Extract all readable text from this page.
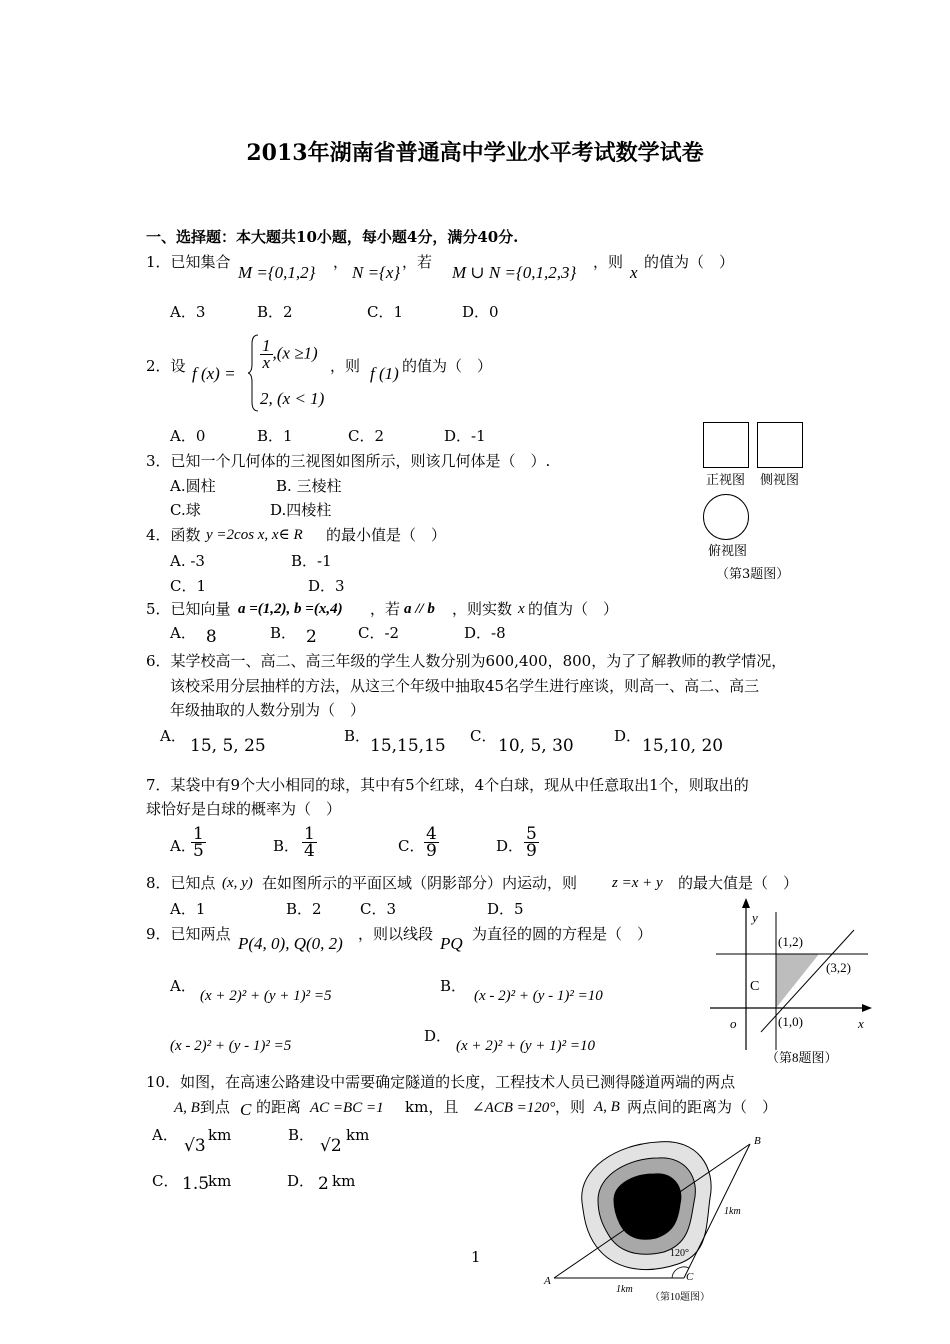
2013年湖南省普通高中学业水平考试数学试卷
一、选择题：本大题共10小题，每小题4分，满分40分.
1．已知集合
M ={0,1,2}
，
N ={x}
，若
M ∪ N ={0,1,2,3}
，则
x
的值为（　）
A．3	B．2	C．1	D．0
2．设 f (x) =
$\frac{1}{x} ,(x \ge 1)$
2, (x < 1)
，则 f (1) 的值为（　）
A．0	B．1	C．2	D．-1
3．已知一个几何体的三视图如图所示，则该几何体是（　）.
A.圆柱	B. 三棱柱
C.球	D.四棱柱
正视图 侧视图
俯视图
（第3题图）
4．函数 y =2cos x, x∈ R 的最小值是（　）
A. -3	B．-1
C．1	D．3
5．已知向量 a =(1,2), b =(x,4) ，若 a // b ，则实数 x 的值为（　）
A． 8	B． 2	C．-2	D．-8
6．某学校高一、高二、高三年级的学生人数分别为600,400，800，为了了解教师的教学情况，
该校采用分层抽样的方法，从这三个年级中抽取45名学生进行座谈，则高一、高二、高三
年级抽取的人数分别为（　）
A． 15, 5, 25	B． 15,15,15 C． 10, 5, 30	D． 15,10, 20
7．某袋中有9个大小相同的球，其中有5个红球，4个白球，现从中任意取出1个，则取出的
球恰好是白球的概率为（　）
A．
$\frac{1}{5}$	B． $\frac{1}{4}$	C． $\frac{4}{9}$	D． $\frac{5}{9}$
8．已知点 (x, y) 在如图所示的平面区域（阴影部分）内运动，则 z =x + y 的最大值是（　）
A．1	B．2	C．3	D．5	y
x
o
(1,2)
(3,2)
(1,0)
C
（第8题图）
9．已知两点 P(4, 0), Q(0, 2) ，则以线段 PQ 为直径的圆的方程是（　）
A．
(x + 2)² + (y + 1)² =5
B．
(x - 2)² + (y - 1)² =10
(x - 2)² + (y - 1)² =5
D．
(x + 2)² + (y + 1)² =10
10．如图，在高速公路建设中需要确定隧道的长度，工程技术人员已测得隧道两端的两点
A, B到点 C 的距离 AC =BC =1 km，且 ∠ACB =120° ，则 A, B 两点间的距离为（　）
A．
√3
km	B．
√2
km
C． 1.5
km	D． 2 km
A
B
C
1km
1km
120°
（第10题图）
1
